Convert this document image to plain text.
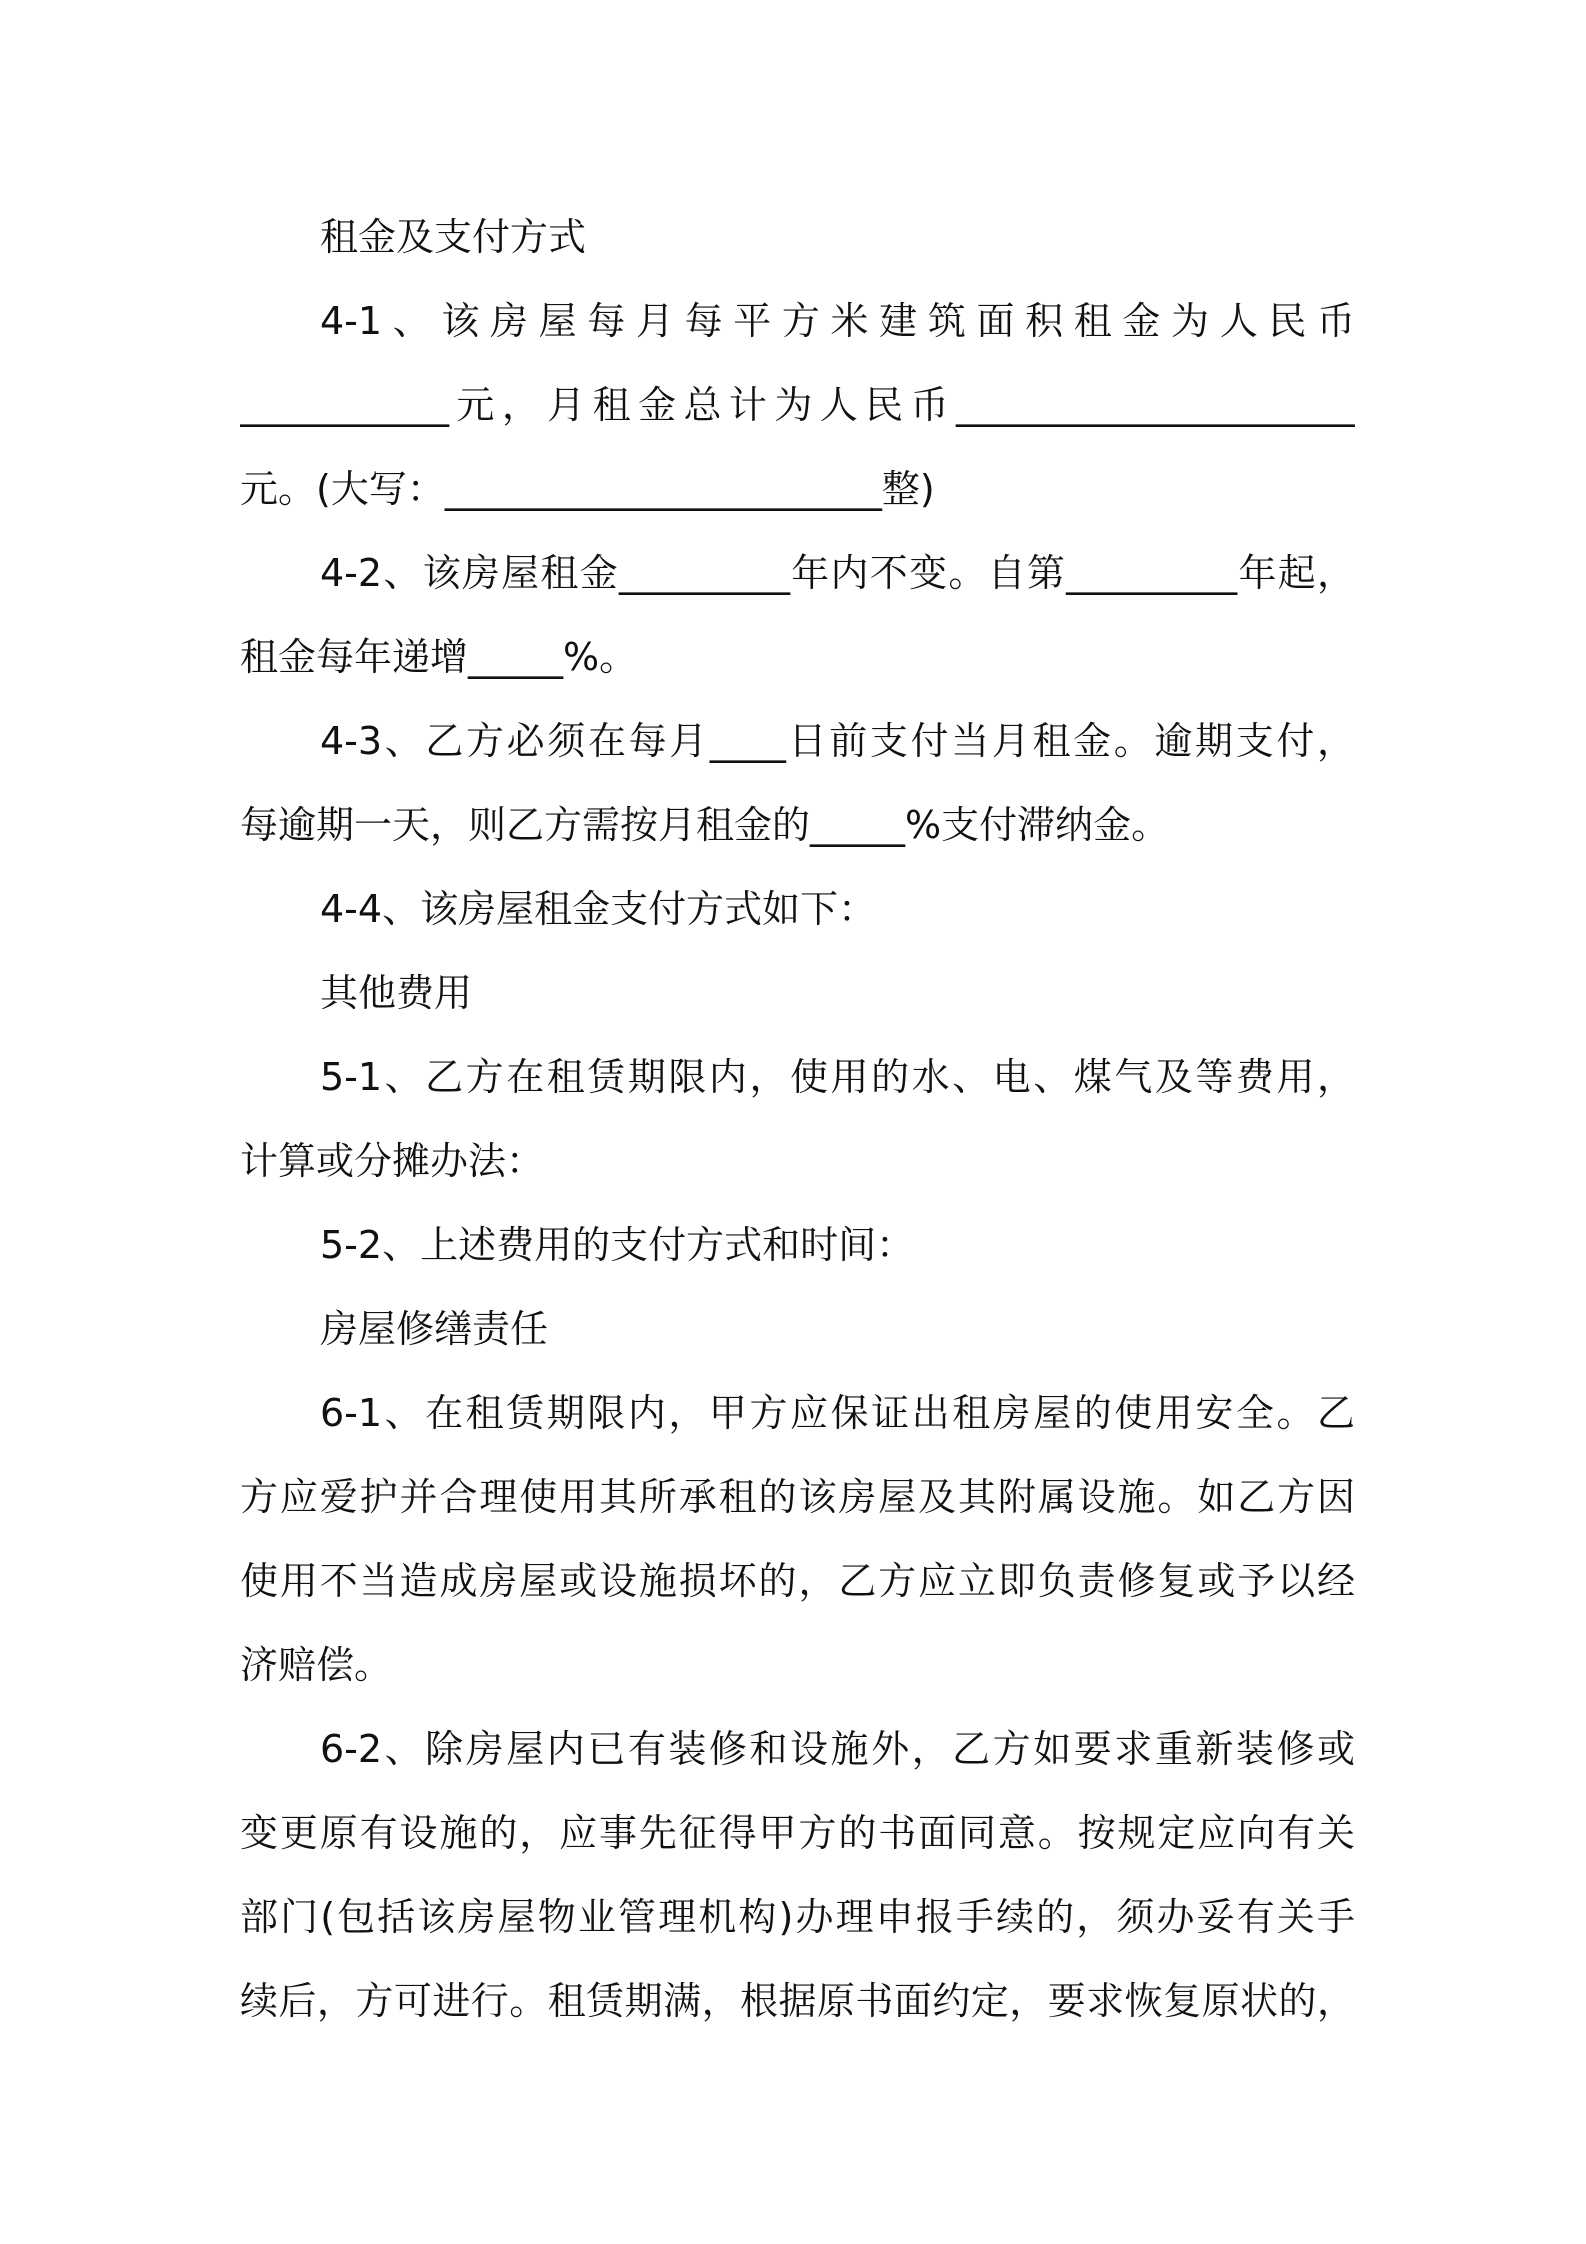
租金及支付方式
4-1、该房屋每月每平方米建筑面积租金为人民币
___________元，月租金总计为人民币_____________________
元。(大写：_______________________整)
4-2、该房屋租金_________年内不变。自第_________年起，
租金每年递增_____%。
4-3、乙方必须在每月____日前支付当月租金。逾期支付，
每逾期一天，则乙方需按月租金的_____%支付滞纳金。
4-4、该房屋租金支付方式如下：
其他费用
5-1、乙方在租赁期限内，使用的水、电、煤气及等费用，
计算或分摊办法：
5-2、上述费用的支付方式和时间：
房屋修缮责任
6-1、在租赁期限内，甲方应保证出租房屋的使用安全。乙
方应爱护并合理使用其所承租的该房屋及其附属设施。如乙方因
使用不当造成房屋或设施损坏的，乙方应立即负责修复或予以经
济赔偿。
6-2、除房屋内已有装修和设施外，乙方如要求重新装修或
变更原有设施的，应事先征得甲方的书面同意。按规定应向有关
部门(包括该房屋物业管理机构)办理申报手续的，须办妥有关手
续后，方可进行。租赁期满，根据原书面约定，要求恢复原状的，
